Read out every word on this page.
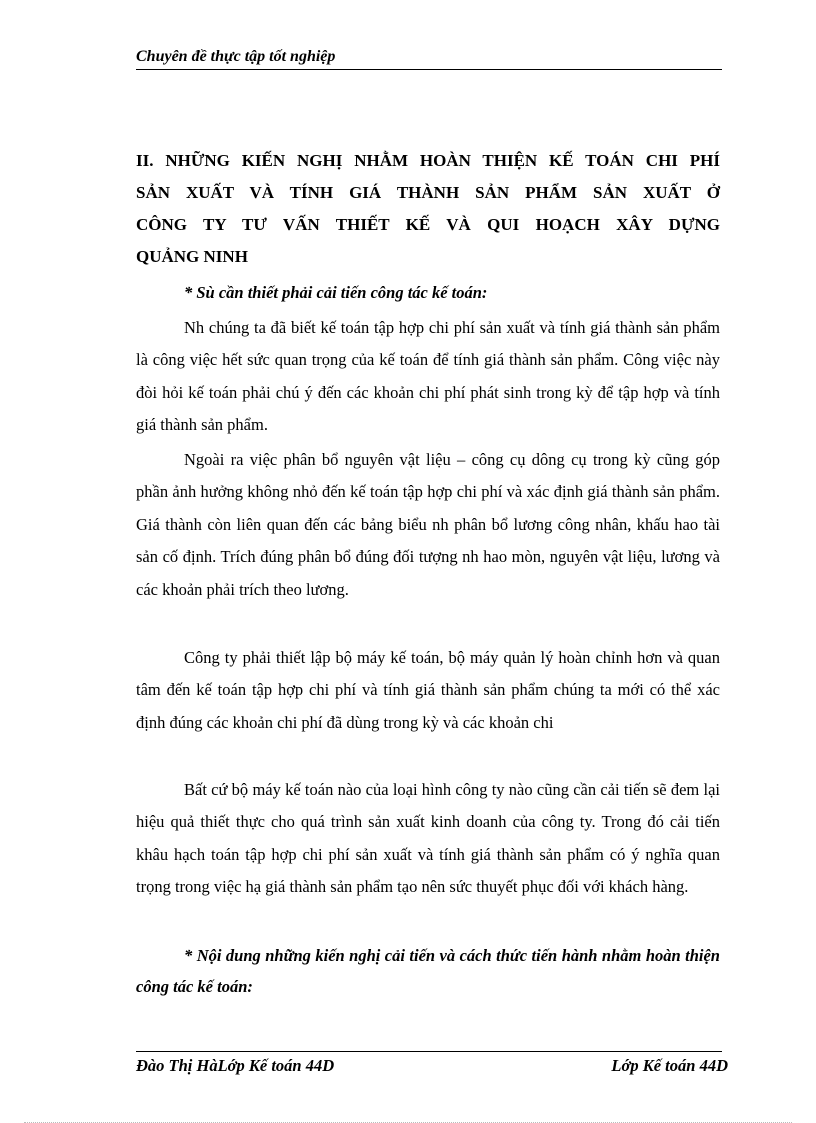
Chuyên đề thực tập tốt nghiệp
II. NHỮNG KIẾN NGHỊ NHẰM HOÀN THIỆN KẾ TOÁN CHI PHÍ
SẢN XUẤT VÀ TÍNH GIÁ THÀNH SẢN PHẨM SẢN XUẤT Ở
CÔNG TY TƯ VẤN THIẾT KẾ VÀ QUI HOẠCH XÂY DỰNG
QUẢNG NINH

* Sù cần thiết phải cải tiến công tác kế toán:

Nh chúng ta đã biết kế toán tập hợp chi phí sản xuất và tính giá thành sản phẩm là công việc hết sức quan trọng của kế toán để tính giá thành sản phẩm. Công việc này đòi hỏi kế toán phải chú ý đến các khoản chi phí phát sinh trong kỳ để tập hợp và tính giá thành sản phẩm.

Ngoài ra việc phân bổ nguyên vật liệu – công cụ dông cụ trong kỳ cũng góp phần ảnh hưởng không nhỏ đến kế toán tập hợp chi phí và xác định giá thành sản phẩm. Giá thành còn liên quan đến các bảng biểu nh phân bổ lương công nhân, khấu hao tài sản cố định. Trích đúng phân bổ đúng đối tượng nh hao mòn, nguyên vật liệu, lương và các khoản phải trích theo lương.

Công ty phải thiết lập bộ máy kế toán, bộ máy quản lý hoàn chỉnh hơn và quan tâm đến kế toán tập hợp chi phí và tính giá thành sản phẩm chúng ta mới có thể xác định đúng các khoản chi phí đã dùng trong kỳ và các khoản chi

Bất cứ bộ máy kế toán nào của loại hình công ty nào cũng cần cải tiến sẽ đem lại hiệu quả thiết thực cho quá trình sản xuất kinh doanh của công ty. Trong đó cải tiến khâu hạch toán tập hợp chi phí sản xuất và tính giá thành sản phẩm có ý nghĩa quan trọng trong việc hạ giá thành sản phẩm tạo nên sức thuyết phục đối với khách hàng.

* Nội dung những kiến nghị cải tiến và cách thức tiến hành nhằm hoàn thiện công tác kế toán:

Đào Thị HàLớp Kế toán 44D	Lớp Kế toán 44D
